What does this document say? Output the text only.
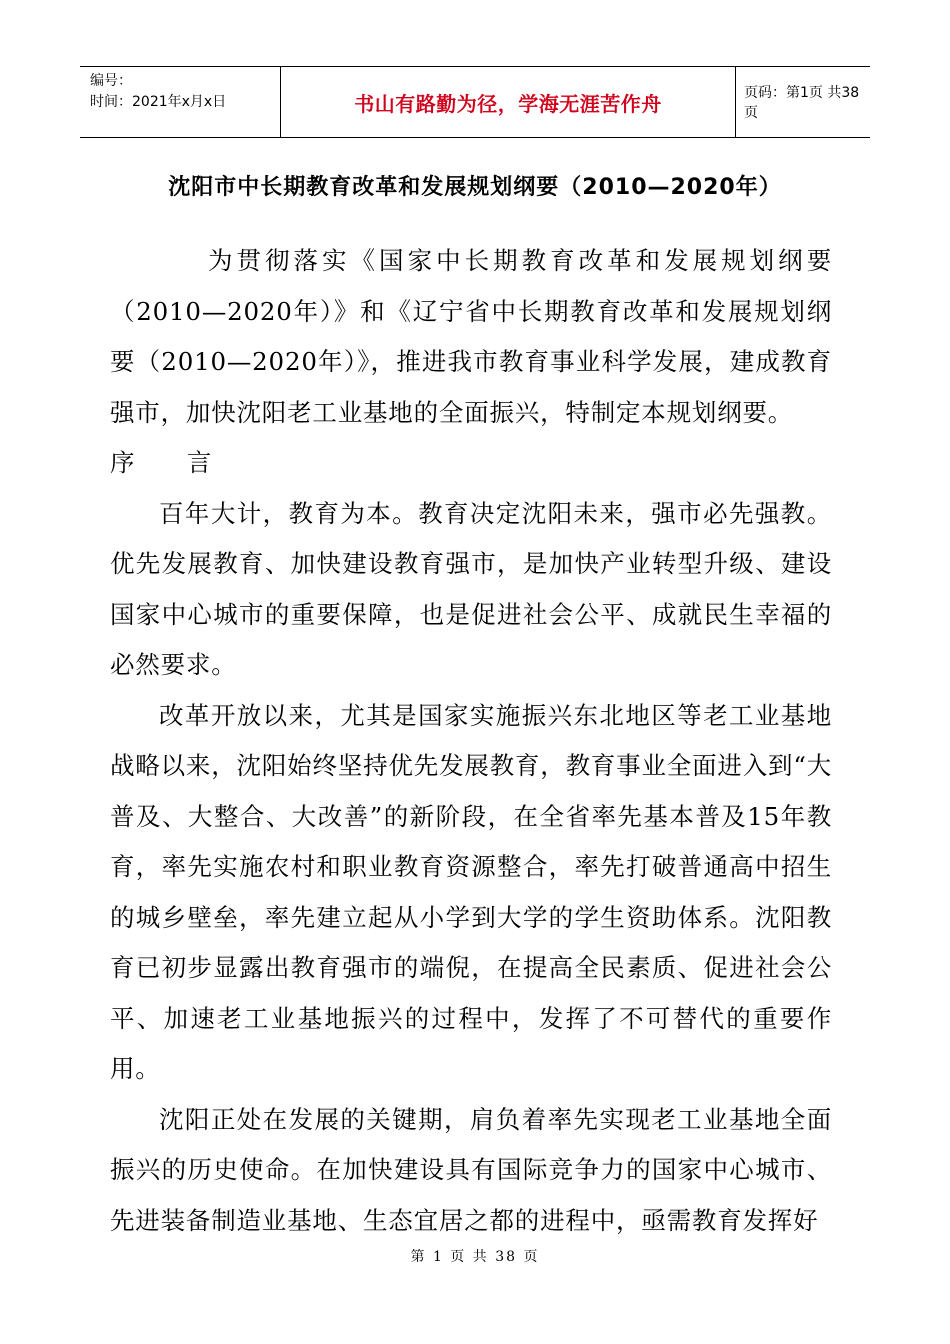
编号：
时间：2021年x月x日	书山有路勤为径，学海无涯苦作舟	页码：第1页 共38页
沈阳市中长期教育改革和发展规划纲要（2010—2020年）

为贯彻落实《国家中长期教育改革和发展规划纲要（2010—2020年）》和《辽宁省中长期教育改革和发展规划纲要（2010—2020年）》，推进我市教育事业科学发展，建成教育强市，加快沈阳老工业基地的全面振兴，特制定本规划纲要。

序      言

百年大计，教育为本。教育决定沈阳未来，强市必先强教。优先发展教育、加快建设教育强市，是加快产业转型升级、建设国家中心城市的重要保障，也是促进社会公平、成就民生幸福的必然要求。

改革开放以来，尤其是国家实施振兴东北地区等老工业基地战略以来，沈阳始终坚持优先发展教育，教育事业全面进入到“大普及、大整合、大改善”的新阶段，在全省率先基本普及15年教育，率先实施农村和职业教育资源整合，率先打破普通高中招生的城乡壁垒，率先建立起从小学到大学的学生资助体系。沈阳教育已初步显露出教育强市的端倪，在提高全民素质、促进社会公平、加速老工业基地振兴的过程中，发挥了不可替代的重要作用。

沈阳正处在发展的关键期，肩负着率先实现老工业基地全面振兴的历史使命。在加快建设具有国际竞争力的国家中心城市、先进装备制造业基地、生态宜居之都的进程中，亟需教育发挥好

第 1 页 共 38 页
